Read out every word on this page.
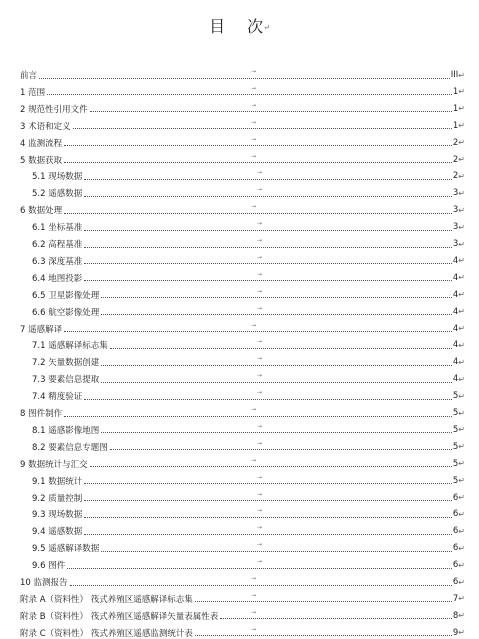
目 次↵
前言	III ↵
→
1 范围	1 ↵
→
2 规范性引用文件	1 ↵
→
3 术语和定义	1 ↵
→
4 监测流程	2 ↵
→
5 数据获取	2 ↵
→
5.1 现场数据	2 ↵
→
5.2 遥感数据	3 ↵
→
6 数据处理	3 ↵
→
6.1 坐标基准	3 ↵
→
6.2 高程基准	3 ↵
→
6.3 深度基准	4 ↵
→
6.4 地图投影	4 ↵
→
6.5 卫星影像处理	4 ↵
→
6.6 航空影像处理	4 ↵
→
7 遥感解译	4 ↵
→
7.1 遥感解译标志集	4 ↵
→
7.2 矢量数据创建	4 ↵
→
7.3 要素信息提取	4 ↵
→
7.4 精度验证	5 ↵
→
8 图件制作	5 ↵
→
8.1 遥感影像地图	5 ↵
→
8.2 要素信息专题图	5 ↵
→
9 数据统计与汇交	5 ↵
→
9.1 数据统计	5 ↵
→
9.2 质量控制	6 ↵
→
9.3 现场数据	6 ↵
→
9.4 遥感数据	6 ↵
→
9.5 遥感解译数据	6 ↵
→
9.6 图件	6 ↵
→
10 监测报告	6 ↵
→
附录 A（资料性） 筏式养殖区遥感解译标志集	7 ↵
→
附录 B（资料性） 筏式养殖区遥感解译矢量表属性表	8 ↵
→
附录 C（资料性） 筏式养殖区遥感监测统计表	9 ↵
→
